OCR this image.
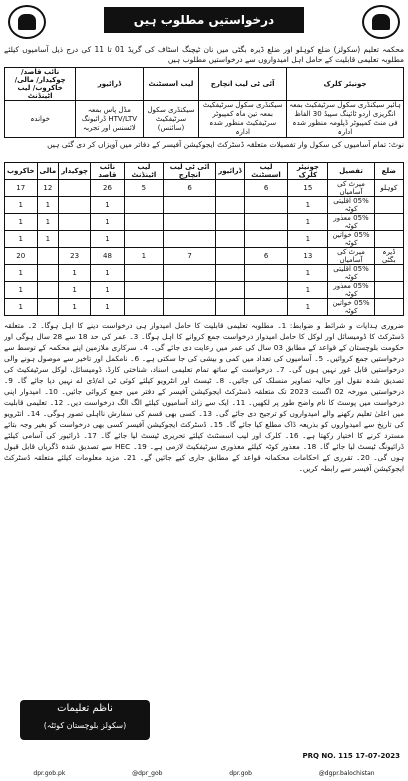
درخواستیں مطلوب ہیں
محکمہ تعلیم (سکولز) ضلع کوہلو اور ضلع ڈیرہ بگٹی میں نان ٹیچنگ اسٹاف کی گریڈ 01 تا 11 کی درج ذیل آسامیوں کیلئے مطلوبہ تعلیمی قابلیت کے حامل اہل امیدواروں سے درخواستیں مطلوب ہیں
جونیئر کلرک	آئی ٹی لیب انچارج	لیب اسسٹنٹ	ڈرائیور	نائب قاصد/ چوکیدار/ مالی/ خاکروب/ لیب اٹینڈنٹ
ہائیر سیکنڈری سکول سرٹیفکیٹ بمعہ انگریزی اردو ٹائپنگ سپیڈ 30 الفاظ فی منٹ کمپیوٹر ڈپلومہ منظور شدہ ادارہ	سیکنڈری سکول سرٹیفکیٹ بمعہ تین ماہ کمپیوٹر سرٹیفکیٹ منظور شدہ ادارہ	سیکنڈری سکول سرٹیفکیٹ (سائنس)	مڈل پاس بمعہ HTV/LTV ڈرائیونگ لائسنس اور تجربہ	خواندہ
نوٹ: تمام آسامیوں کی سکول وار تفصیلات متعلقہ ڈسٹرکٹ ایجوکیشن آفیسر کے دفاتر میں آویزاں کر دی گئی ہیں
ضلع	تفصیل	جونیئر کلرک	لیب اسسٹنٹ	ڈرائیور	آئی ٹی لیب انچارج	لیب اٹینڈنٹ	نائب قاصد	چوکیدار	مالی	خاکروب
کوہلو	میرٹ کی آسامیاں	15	6		6	5	26		12	17
	05% اقلیتی کوٹہ	1					1		1	1
	05% معذور کوٹہ	1					1		1	1
	05% خواتین کوٹہ	1					1		1	1
ڈیرہ بگٹی	میرٹ کی آسامیاں	13	6		7	1	48	23		20
	05% اقلیتی کوٹہ	1					1	1		1
	05% معذور کوٹہ	1					1	1		1
	05% خواتین کوٹہ	1					1	1		1
ضروری ہدایات و شرائط و ضوابط: 1۔ مطلوبہ تعلیمی قابلیت کا حامل امیدوار ہی درخواست دینے کا اہل ہوگا۔ 2۔ متعلقہ ڈسٹرکٹ کا ڈومیسائل اور لوکل کا حامل امیدوار درخواست جمع کروانے کا اہل ہوگا۔ 3۔ عمر کی حد 18 سے 28 سال ہوگی اور حکومت بلوچستان کے قواعد کے مطابق 03 سال کی عمر میں رعایت دی جائے گی۔ 4۔ سرکاری ملازمین اپنے محکمہ کے توسط سے درخواستیں جمع کروائیں۔ 5۔ آسامیوں کی تعداد میں کمی و بیشی کی جا سکتی ہے۔ 6۔ نامکمل اور تاخیر سے موصول ہونے والی درخواستیں قابل غور نہیں ہوں گی۔ 7۔ درخواست کے ساتھ تمام تعلیمی اسناد، شناختی کارڈ، ڈومیسائل، لوکل سرٹیفکیٹ کی تصدیق شدہ نقول اور حالیہ تصاویر منسلک کی جائیں۔ 8۔ ٹیسٹ اور انٹرویو کیلئے کوئی ٹی اے/ڈی اے نہیں دیا جائے گا۔ 9۔ درخواستیں مورخہ 02 اگست 2023 تک متعلقہ ڈسٹرکٹ ایجوکیشن آفیسر کے دفتر میں جمع کروائی جائیں۔ 10۔ امیدوار اپنی درخواست میں پوسٹ کا نام واضح طور پر لکھیں۔ 11۔ ایک سے زائد آسامیوں کیلئے الگ الگ درخواست دیں۔ 12۔ تعلیمی قابلیت میں اعلیٰ تعلیم رکھنے والے امیدواروں کو ترجیح دی جائے گی۔ 13۔ کسی بھی قسم کی سفارش نااہلی تصور ہوگی۔ 14۔ انٹرویو کی تاریخ سے امیدواروں کو بذریعہ ڈاک مطلع کیا جائے گا۔ 15۔ ڈسٹرکٹ ایجوکیشن آفیسر کسی بھی درخواست کو بغیر وجہ بتائے مسترد کرنے کا اختیار رکھتا ہے۔ 16۔ کلرک اور لیب اسسٹنٹ کیلئے تحریری ٹیسٹ لیا جائے گا۔ 17۔ ڈرائیور کی آسامی کیلئے ڈرائیونگ ٹیسٹ لیا جائے گا۔ 18۔ معذور کوٹہ کیلئے معذوری سرٹیفکیٹ لازمی ہے۔ 19۔ HEC سے تصدیق شدہ ڈگریاں قابل قبول ہوں گی۔ 20۔ تقرری کے احکامات محکمانہ قواعد کے مطابق جاری کیے جائیں گے۔ 21۔ مزید معلومات کیلئے متعلقہ ڈسٹرکٹ ایجوکیشن آفیسر سے رابطہ کریں۔
ناظم تعلیمات
(سکولز بلوچستان کوئٹہ)
PRQ NO. 115 17-07-2023
dpr.gob.pk	@dpr_gob	dpr.gob	@dgpr.balochistan
